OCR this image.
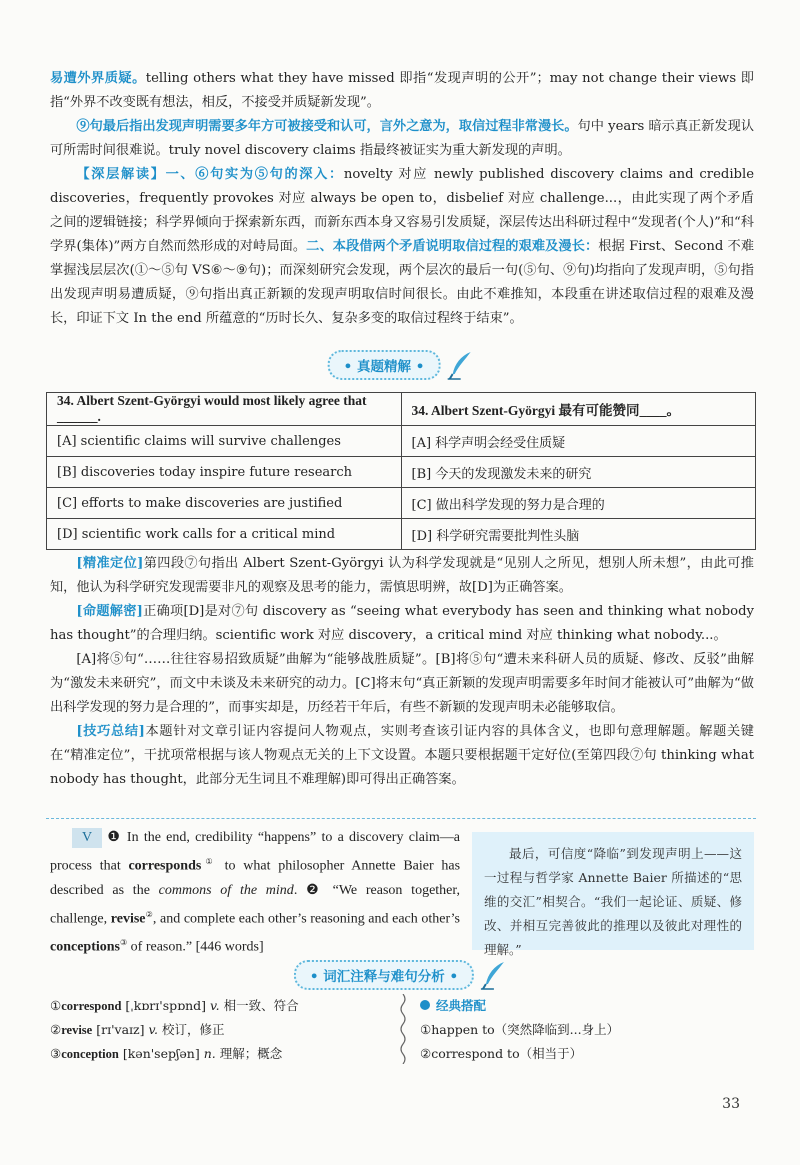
易遭外界质疑。telling others what they have missed 即指“发现声明的公开”；may not change their views 即指“外界不改变既有想法，相反，不接受并质疑新发现”。
⑨句最后指出发现声明需要多年方可被接受和认可，言外之意为，取信过程非常漫长。句中 years 暗示真正新发现认可所需时间很难说。truly novel discovery claims 指最终被证实为重大新发现的声明。
【深层解读】一、⑥句实为⑤句的深入：novelty 对应 newly published discovery claims and credible discoveries，frequently provokes 对应 always be open to，disbelief 对应 challenge...，由此实现了两个矛盾之间的逻辑链接；科学界倾向于探索新东西，而新东西本身又容易引发质疑，深层传达出科研过程中“发现者(个人)”和“科学界(集体)”两方自然而然形成的对峙局面。二、本段借两个矛盾说明取信过程的艰难及漫长：根据 First、Second 不难掌握浅层层次(①～⑤句 VS⑥～⑨句)；而深刻研究会发现，两个层次的最后一句(⑤句、⑨句)均指向了发现声明，⑤句指出发现声明易遭质疑，⑨句指出真正新颖的发现声明取信时间很长。由此不难推知，本段重在讲述取信过程的艰难及漫长，印证下文 In the end 所蕴意的“历时长久、复杂多变的取信过程终于结束”。
• 真题精解 •
34. Albert Szent-Györgyi would most likely agree that ______.	34. Albert Szent-Györgyi 最有可能赞同____。
[A] scientific claims will survive challenges	[A] 科学声明会经受住质疑
[B] discoveries today inspire future research	[B] 今天的发现激发未来的研究
[C] efforts to make discoveries are justified	[C] 做出科学发现的努力是合理的
[D] scientific work calls for a critical mind	[D] 科学研究需要批判性头脑
[精准定位]第四段⑦句指出 Albert Szent-Györgyi 认为科学发现就是“见别人之所见，想别人所未想”，由此可推知，他认为科学研究发现需要非凡的观察及思考的能力，需慎思明辨，故[D]为正确答案。
[命题解密]正确项[D]是对⑦句 discovery as “seeing what everybody has seen and thinking what nobody has thought”的合理归纳。scientific work 对应 discovery，a critical mind 对应 thinking what nobody...。
[A]将⑤句“……往往容易招致质疑”曲解为“能够战胜质疑”。[B]将⑤句“遭未来科研人员的质疑、修改、反驳”曲解为“激发未来研究”，而文中未谈及未来研究的动力。[C]将末句“真正新颖的发现声明需要多年时间才能被认可”曲解为“做出科学发现的努力是合理的”，而事实却是，历经若干年后，有些不新颖的发现声明未必能够取信。
[技巧总结]本题针对文章引证内容提问人物观点，实则考查该引证内容的具体含义，也即句意理解题。解题关键在“精准定位”，干扰项常根据与该人物观点无关的上下文设置。本题只要根据题干定好位(至第四段⑦句 thinking what nobody has thought，此部分无生词且不难理解)即可得出正确答案。
V ❶ In the end, credibility “happens” to a discovery claim—a process that corresponds① to what philosopher Annette Baier has described as the commons of the mind. ❷ “We reason together, challenge, revise②, and complete each other’s reasoning and each other’s conceptions③ of reason.” [446 words]
最后，可信度“降临”到发现声明上——这一过程与哲学家 Annette Baier 所描述的“思维的交汇”相契合。“我们一起论证、质疑、修改、并相互完善彼此的推理以及彼此对理性的理解。”
• 词汇注释与难句分析 •
①correspond [ˌkɒrɪ'spɒnd] v. 相一致、符合
②revise [rɪ'vaɪz] v. 校订，修正
③conception [kən'sepʃən] n. 理解；概念
经典搭配
①happen to（突然降临到...身上）
②correspond to（相当于）
33
